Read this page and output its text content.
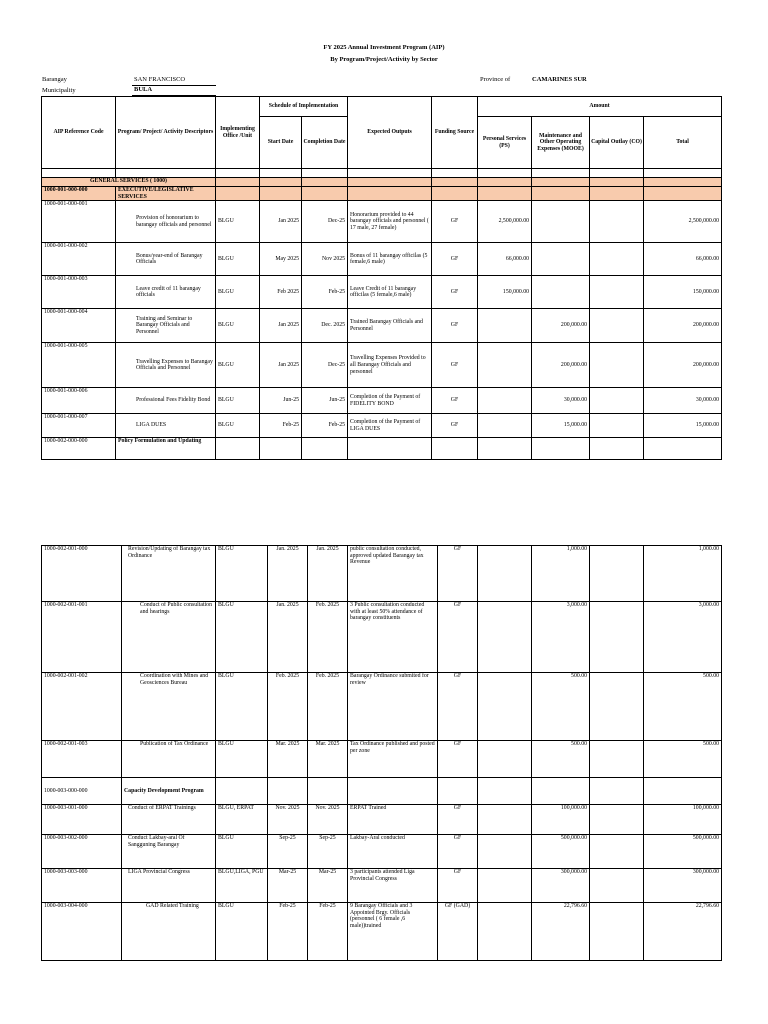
FY 2025 Annual Investment Program (AIP)
By Program/Project/Activity by Sector
Barangay	SAN FRANCISCO
Municipality	BULA
Province of	CAMARINES SUR
AIP Reference Code	Program/ Project/ Activity Descriptors	Implementing Office /Unit	Schedule of Implementation		Expected Outputs	Funding Source	Amount			
			Start Date	Completion Date			Personal Services (PS)	Maintenance and Other Operating Expenses (MOOE)	Capital Outlay (CO)	Total

GENERAL SERVICES ( 1000)										
1000-001-000-000	EXECUTIVE/LEGISLATIVE SERVICES									
1000-001-000-001	Provision of honorarium to barangay officials and personnel	BLGU	Jan 2025	Dec-25	Honorarium provided to 44 barangay officials and personnel ( 17 male, 27 female)	GF	2,500,000.00			2,500,000.00
1000-001-000-002	Bonus/year-end of Barangay Officials	BLGU	May 2025	Nov 2025	Bonus of 11 barangay officilas (5 female,6 male)	GF	66,000.00			66,000.00
1000-001-000-003	Leave credit of 11 barangay officials	BLGU	Feb 2025	Feb-25	Leave Credit of 11 barangay officilas (5 female,6 male)	GF	150,000.00			150,000.00
1000-001-000-004	Training and Seminar to Barangay Officials and Personnel	BLGU	Jan 2025	Dec. 2025	Trained Barangay Officials and Personnel	GF		200,000.00		200,000.00
1000-001-000-005	Travelling Expenses to Barangay Officials and Personnel	BLGU	Jan 2025	Dec-25	Travelling Expenses Provided to all Barangay Officials and personnel	GF		200,000.00		200,000.00
1000-001-000-006	Professional Fees Fidelity Bond	BLGU	Jun-25	Jun-25	Completion of the Payment of FIDELITY BOND	GF		30,000.00		30,000.00
1000-001-000-007	LIGA DUES	BLGU	Feb-25	Feb-25	Completion of the Payment of LIGA DUES	GF		15,000.00		15,000.00
1000-002-000-000	Policy Formulation and Updating									
1000-002-001-000	Revision/Updating of Barangay tax Ordinance	BLGU	Jan. 2025	Jan. 2025	public consultation conducted, approved updated Barangay tax Revenue	GF		1,000.00		1,000.00
1000-002-001-001	Conduct of Public consultation and hearings	BLGU	Jan. 2025	Feb. 2025	3 Public consultation conducted with at least 50% attendance of barangay constituents	GF		3,000.00		3,000.00
1000-002-001-002	Coordination with Mines and Geosciences Bureau	BLGU	Feb. 2025	Feb. 2025	Barangay Ordinance submited for review	GF		500.00		500.00
1000-002-001-003	Publication of Tax Ordinance	BLGU	Mar. 2025	Mar. 2025	Tax Ordinance published and posted per zone	GF		500.00		500.00
1000-003-000-000	Capacity Development Program									
1000-003-001-000	Conduct of ERPAT Trainings	BLGU, ERPAT	Nov. 2025	Nov. 2025	ERPAT Trained	GF		100,000.00		100,000.00
1000-003-002-000	Conduct Lakbay-aral Of Sangguning Barangay	BLGU	Sep-25	Sep-25	Lakbay-Aral conducted	GF		500,000.00		500,000.00
1000-003-003-000	LIGA Provincial Congress	BLGU,LIGA, PGU	Mar-25	Mar-25	3 participants attended Liga Provincial Congress	GF		300,000.00		300,000.00
1000-003-004-000	GAD Related Training	BLGU	Feb-25	Feb-25	9 Barangay Officials and 3 Appointed Brgy. Officials (personnel ( 6 female ,6 male))trained	GF (GAD)		22,796.60		22,796.60
